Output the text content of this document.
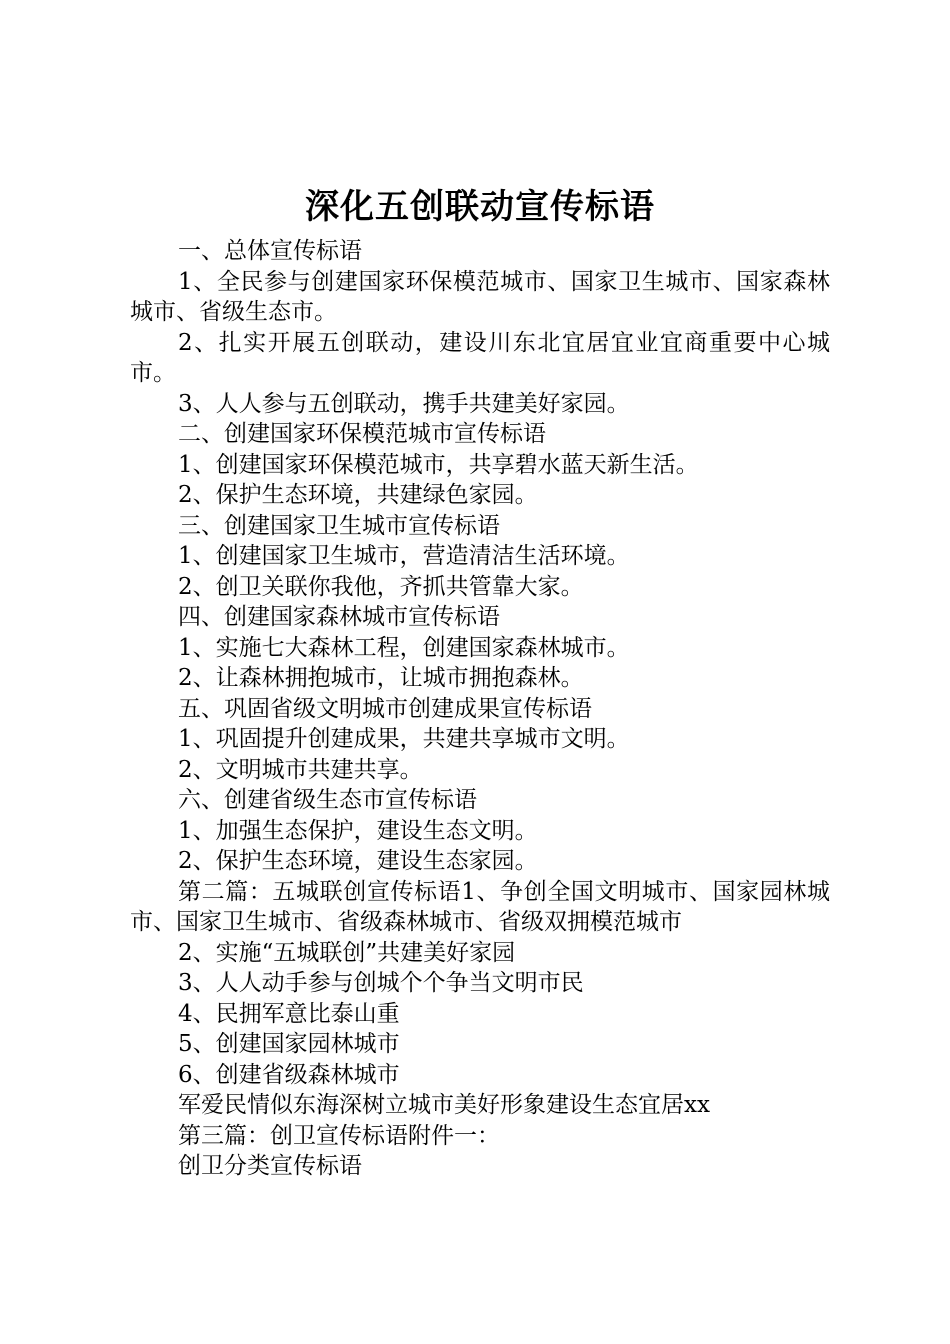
深化五创联动宣传标语

一、总体宣传标语

1、全民参与创建国家环保模范城市、国家卫生城市、国家森林城市、省级生态市。

2、扎实开展五创联动，建设川东北宜居宜业宜商重要中心城市。

3、人人参与五创联动，携手共建美好家园。

二、创建国家环保模范城市宣传标语

1、创建国家环保模范城市，共享碧水蓝天新生活。

2、保护生态环境，共建绿色家园。

三、创建国家卫生城市宣传标语

1、创建国家卫生城市，营造清洁生活环境。

2、创卫关联你我他，齐抓共管靠大家。

四、创建国家森林城市宣传标语

1、实施七大森林工程，创建国家森林城市。

2、让森林拥抱城市，让城市拥抱森林。

五、巩固省级文明城市创建成果宣传标语

1、巩固提升创建成果，共建共享城市文明。

2、文明城市共建共享。

六、创建省级生态市宣传标语

1、加强生态保护，建设生态文明。

2、保护生态环境，建设生态家园。

第二篇：五城联创宣传标语1、争创全国文明城市、国家园林城市、国家卫生城市、省级森林城市、省级双拥模范城市

2、实施“五城联创”共建美好家园

3、人人动手参与创城个个争当文明市民

4、民拥军意比泰山重

5、创建国家园林城市

6、创建省级森林城市

军爱民情似东海深树立城市美好形象建设生态宜居xx

第三篇：创卫宣传标语附件一：

创卫分类宣传标语
